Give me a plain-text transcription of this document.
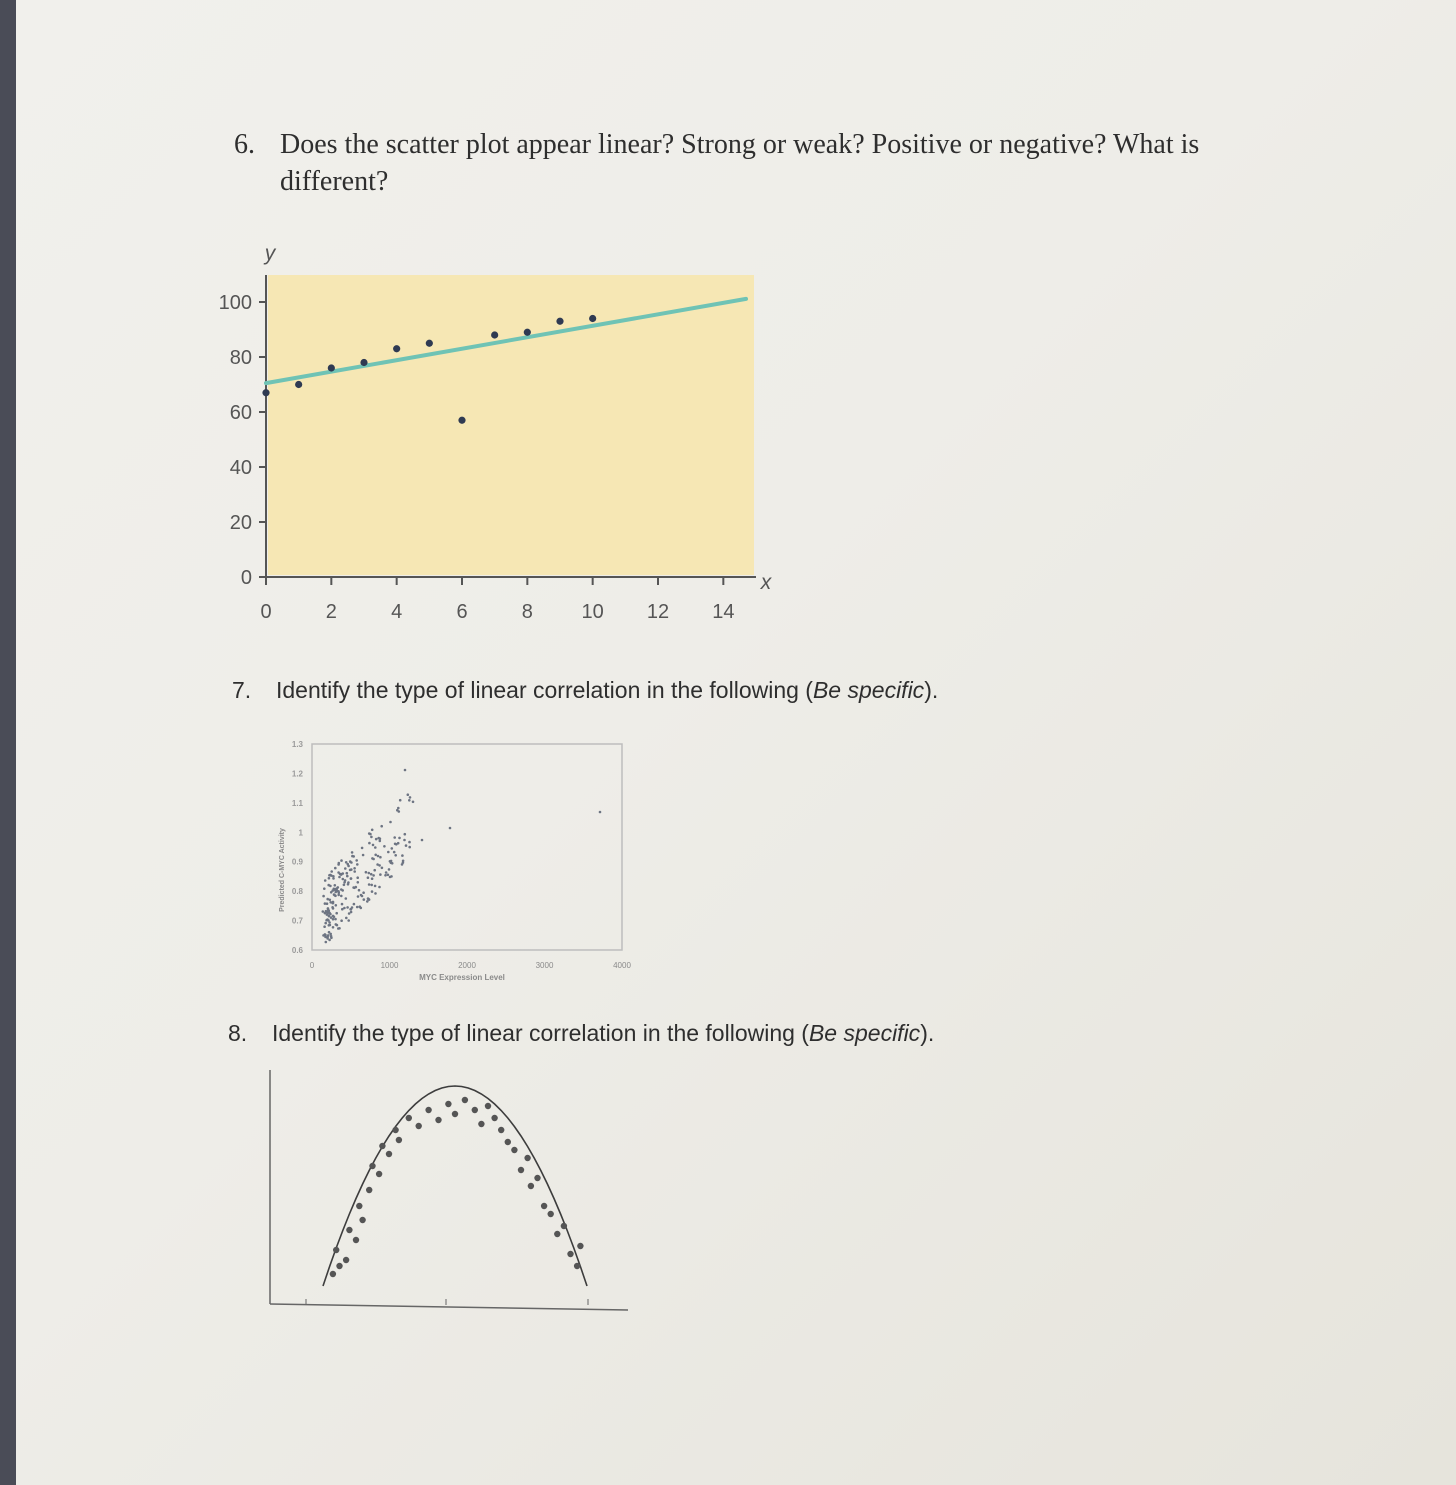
6. Does the scatter plot appear linear? Strong or weak? Positive or negative? What is different?
y
x
0
20
40
60
80
100
0	2	4	6	8 10 12 14
7. Identify the type of linear correlation in the following (Be specific).
1.3
1.2
1.1
1
0.9
0.8
0.7
0.6
0	1000	2000	3000	4000
MYC Expression Level
Predicted C-MYC Activity
8. Identify the type of linear correlation in the following (Be specific).
